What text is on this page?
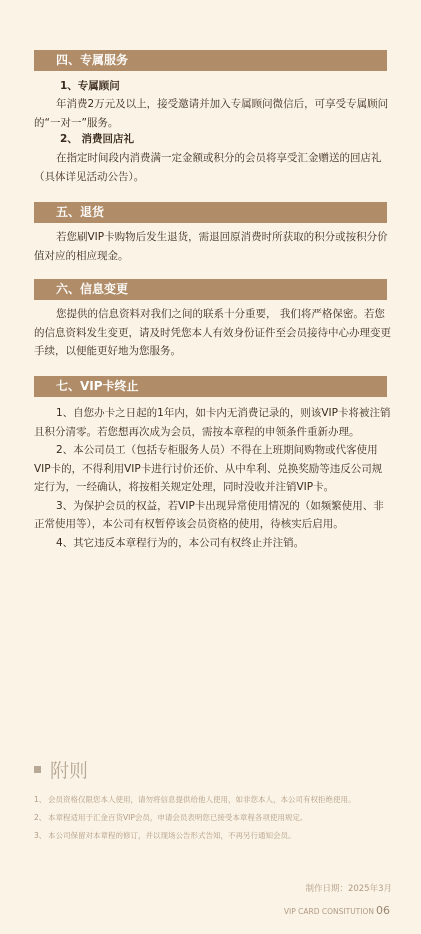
四、专属服务
1、专属顾问

年消费2万元及以上，接受邀请并加入专属顾问微信后，可享受专属顾问的“一对一”服务。

2、 消费回店礼

在指定时间段内消费满一定金额或积分的会员将享受汇金赠送的回店礼（具体详见活动公告）。

五、退货

若您刷VIP卡购物后发生退货，需退回原消费时所获取的积分或按积分价值对应的相应现金。

六、信息变更

您提供的信息资料对我们之间的联系十分重要， 我们将严格保密。若您的信息资料发生变更，请及时凭您本人有效身份证件至会员接待中心办理变更手续，以便能更好地为您服务。

七、VIP卡终止

1、自您办卡之日起的1年内，如卡内无消费记录的，则该VIP卡将被注销且积分清零。若您想再次成为会员，需按本章程的申领条件重新办理。

2、本公司员工（包括专柜服务人员）不得在上班期间购物或代客使用VIP卡的，不得利用VIP卡进行讨价还价、从中牟利、兑换奖励等违反公司规定行为，一经确认，将按相关规定处理，同时没收并注销VIP卡。

3、为保护会员的权益，若VIP卡出现异常使用情况的（如频繁使用、非正常使用等），本公司有权暂停该会员资格的使用，待核实后启用。

4、其它违反本章程行为的，本公司有权终止并注销。

附则
1、 会员资格仅限您本人使用，请勿将信息提供给他人使用，如非您本人，本公司有权拒绝使用。
2、 本章程适用于汇金百货VIP会员，申请会员表明您已接受本章程各项使用规定。
3、 本公司保留对本章程的修订，并以现场公告形式告知，不再另行通知会员。
制作日期：2025年3月
VIP CARD CONSITUTION 06
